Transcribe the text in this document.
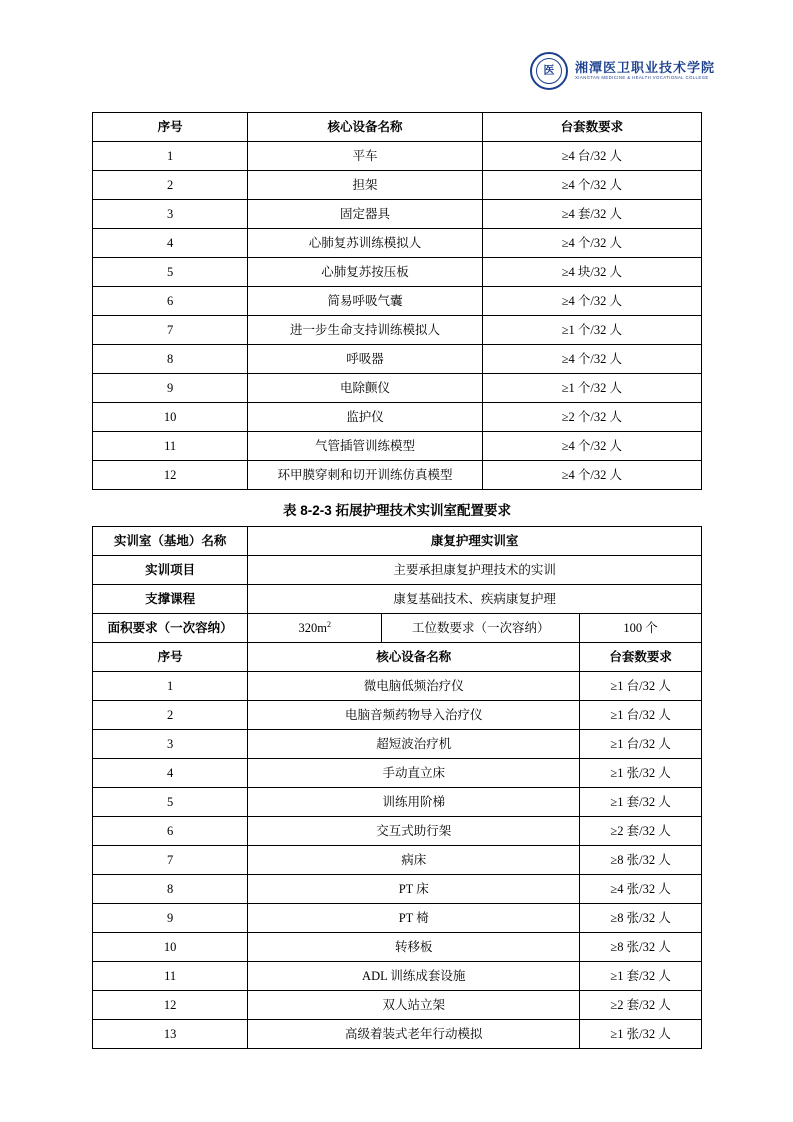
医 湘潭医卫职业技术学院
XIANGTAN MEDICINE & HEALTH VOCATIONAL COLLEGE
序号	核心设备名称	台套数要求
1	平车	≥4 台/32 人
2	担架	≥4 个/32 人
3	固定器具	≥4 套/32 人
4	心肺复苏训练模拟人	≥4 个/32 人
5	心肺复苏按压板	≥4 块/32 人
6	简易呼吸气囊	≥4 个/32 人
7	进一步生命支持训练模拟人	≥1 个/32 人
8	呼吸器	≥4 个/32 人
9	电除颤仪	≥1 个/32 人
10	监护仪	≥2 个/32 人
11	气管插管训练模型	≥4 个/32 人
12	环甲膜穿刺和切开训练仿真模型	≥4 个/32 人
表 8-2-3 拓展护理技术实训室配置要求
实训室（基地）名称	康复护理实训室		
实训项目	主要承担康复护理技术的实训		
支撑课程	康复基础技术、疾病康复护理		
面积要求（一次容纳）	$320m^2$	工位数要求（一次容纳）	100 个
序号	核心设备名称		台套数要求
1	微电脑低频治疗仪		≥1 台/32 人
2	电脑音频药物导入治疗仪		≥1 台/32 人
3	超短波治疗机		≥1 台/32 人
4	手动直立床		≥1 张/32 人
5	训练用阶梯		≥1 套/32 人
6	交互式助行架		≥2 套/32 人
7	病床		≥8 张/32 人
8	PT 床		≥4 张/32 人
9	PT 椅		≥8 张/32 人
10	转移板		≥8 张/32 人
11	ADL 训练成套设施		≥1 套/32 人
12	双人站立架		≥2 套/32 人
13	高级着装式老年行动模拟		≥1 张/32 人
